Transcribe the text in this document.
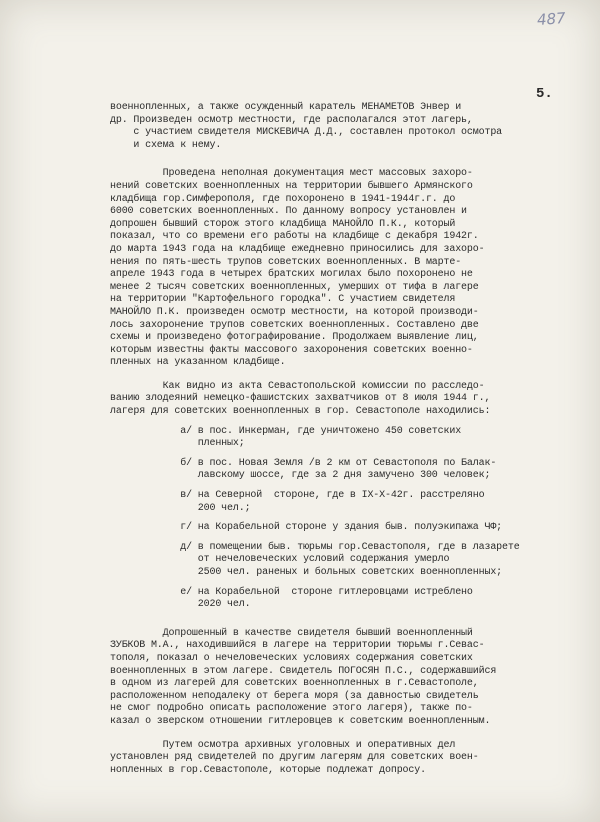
487
5.

военнопленных, а также осужденный каратель МЕНАМЕТОВ Энвер и

др. Произведен осмотр местности, где располагался этот лагерь,

с участием свидетеля МИСКЕВИЧА Д.Д., составлен протокол осмотра

и схема к нему.

Проведена неполная документация мест массовых захоро-

нений советских военнопленных на территории бывшего Армянского

кладбища гор.Симферополя, где похоронено в 1941-1944г.г. до

6000 советских военнопленных. По данному вопросу установлен и

допрошен бывший сторож этого кладбища МАНОЙЛО П.К., который

показал, что со времени его работы на кладбище с декабря 1942г.

до марта 1943 года на кладбище ежедневно приносились для захоро-

нения по пять-шесть трупов советских военнопленных. В марте-

апреле 1943 года в четырех братских могилах было похоронено не

менее 2 тысяч советских военнопленных, умерших от тифа в лагере

на территории "Картофельного городка". С участием свидетеля

МАНОЙЛО П.К. произведен осмотр местности, на которой производи-

лось захоронение трупов советских военнопленных. Составлено две

схемы и произведено фотографирование. Продолжаем выявление лиц,

которым известны факты массового захоронения советских военно-

пленных на указанном кладбище.

Как видно из акта Севастопольской комиссии по расследо-

ванию злодеяний немецко-фашистских захватчиков от 8 июля 1944 г.,

лагеря для советских военнопленных в гор. Севастополе находились:

а/ в пос. Инкерман, где уничтожено 450 советских

пленных;

б/ в пос. Новая Земля /в 2 км от Севастополя по Балак-

лавскому шоссе, где за 2 дня замучено 300 человек;

в/ на Северной  стороне, где в IХ-Х-42г. расстреляно

200 чел.;

г/ на Корабельной стороне у здания быв. полуэкипажа ЧФ;

д/ в помещении быв. тюрьмы гор.Севастополя, где в лазарете

от нечеловеческих условий содержания умерло

2500 чел. раненых и больных советских военнопленных;

е/ на Корабельной  стороне гитлеровцами истреблено

2020 чел.

Допрошенный в качестве свидетеля бывший военнопленный

ЗУБКОВ М.А., находившийся в лагере на территории тюрьмы г.Севас-

тополя, показал о нечеловеческих условиях содержания советских

военнопленных в этом лагере. Свидетель ПОГОСЯН П.С., содержавшийся

в одном из лагерей для советских военнопленных в г.Севастополе,

расположенном неподалеку от берега моря (за давностью свидетель

не смог подробно описать расположение этого лагеря), также по-

казал о зверском отношении гитлеровцев к советским военнопленным.

Путем осмотра архивных уголовных и оперативных дел

установлен ряд свидетелей по другим лагерям для советских воен-

нопленных в гор.Севастополе, которые подлежат допросу.
